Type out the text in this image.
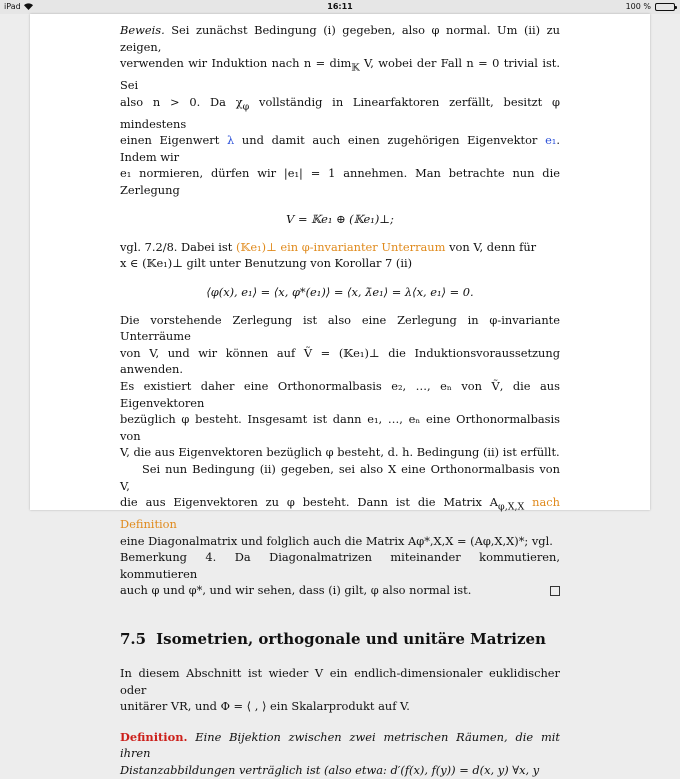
iPad	16:11	100 %

Beweis. Sei zunächst Bedingung (i) gegeben, also φ normal. Um (ii) zu zeigen,
verwenden wir Induktion nach n = dim$_𝕂$ V, wobei der Fall n = 0 trivial ist. Sei
also n > 0. Da $\chi_\varphi$ vollständig in Linearfaktoren zerfällt, besitzt φ mindestens
einen Eigenwert λ und damit auch einen zugehörigen Eigenvektor e₁. Indem wir
e₁ normieren, dürfen wir |e₁| = 1 annehmen. Man betrachte nun die Zerlegung

V = 𝕂e₁ ⊕ (𝕂e₁)⊥;

vgl. 7.2/8. Dabei ist (𝕂e₁)⊥ ein φ-invarianter Unterraum von V, denn für
x ∈ (𝕂e₁)⊥ gilt unter Benutzung von Korollar 7 (ii)

⟨φ(x), e₁⟩ = ⟨x, φ*(e₁)⟩ = ⟨x, λ̄e₁⟩ = λ⟨x, e₁⟩ = 0.

Die vorstehende Zerlegung ist also eine Zerlegung in φ-invariante Unterräume
von V, und wir können auf Ṽ = (𝕂e₁)⊥ die Induktionsvoraussetzung anwenden.
Es existiert daher eine Orthonormalbasis e₂, …, eₙ von Ṽ, die aus Eigenvektoren
bezüglich φ besteht. Insgesamt ist dann e₁, …, eₙ eine Orthonormalbasis von
V, die aus Eigenvektoren bezüglich φ besteht, d. h. Bedingung (ii) ist erfüllt.

Sei nun Bedingung (ii) gegeben, sei also X eine Orthonormalbasis von V,
die aus Eigenvektoren zu φ besteht. Dann ist die Matrix $A_{\varphi,X,X}$ nach Definition
eine Diagonalmatrix und folglich auch die Matrix Aφ*,X,X = (Aφ,X,X)*; vgl.
Bemerkung 4. Da Diagonalmatrizen miteinander kommutieren, kommutieren
auch φ und φ*, und wir sehen, dass (i) gilt, φ also normal ist.

7.5 Isometrien, orthogonale und unitäre Matrizen

In diesem Abschnitt ist wieder V ein endlich-dimensionaler euklidischer oder
unitärer VR, und Φ = ⟨ , ⟩ ein Skalarprodukt auf V.

Definition. Eine Bijektion zwischen zwei metrischen Räumen, die mit ihren
Distanzabbildungen verträglich ist (also etwa: d′(f(x), f(y)) = d(x, y) ∀x, y
